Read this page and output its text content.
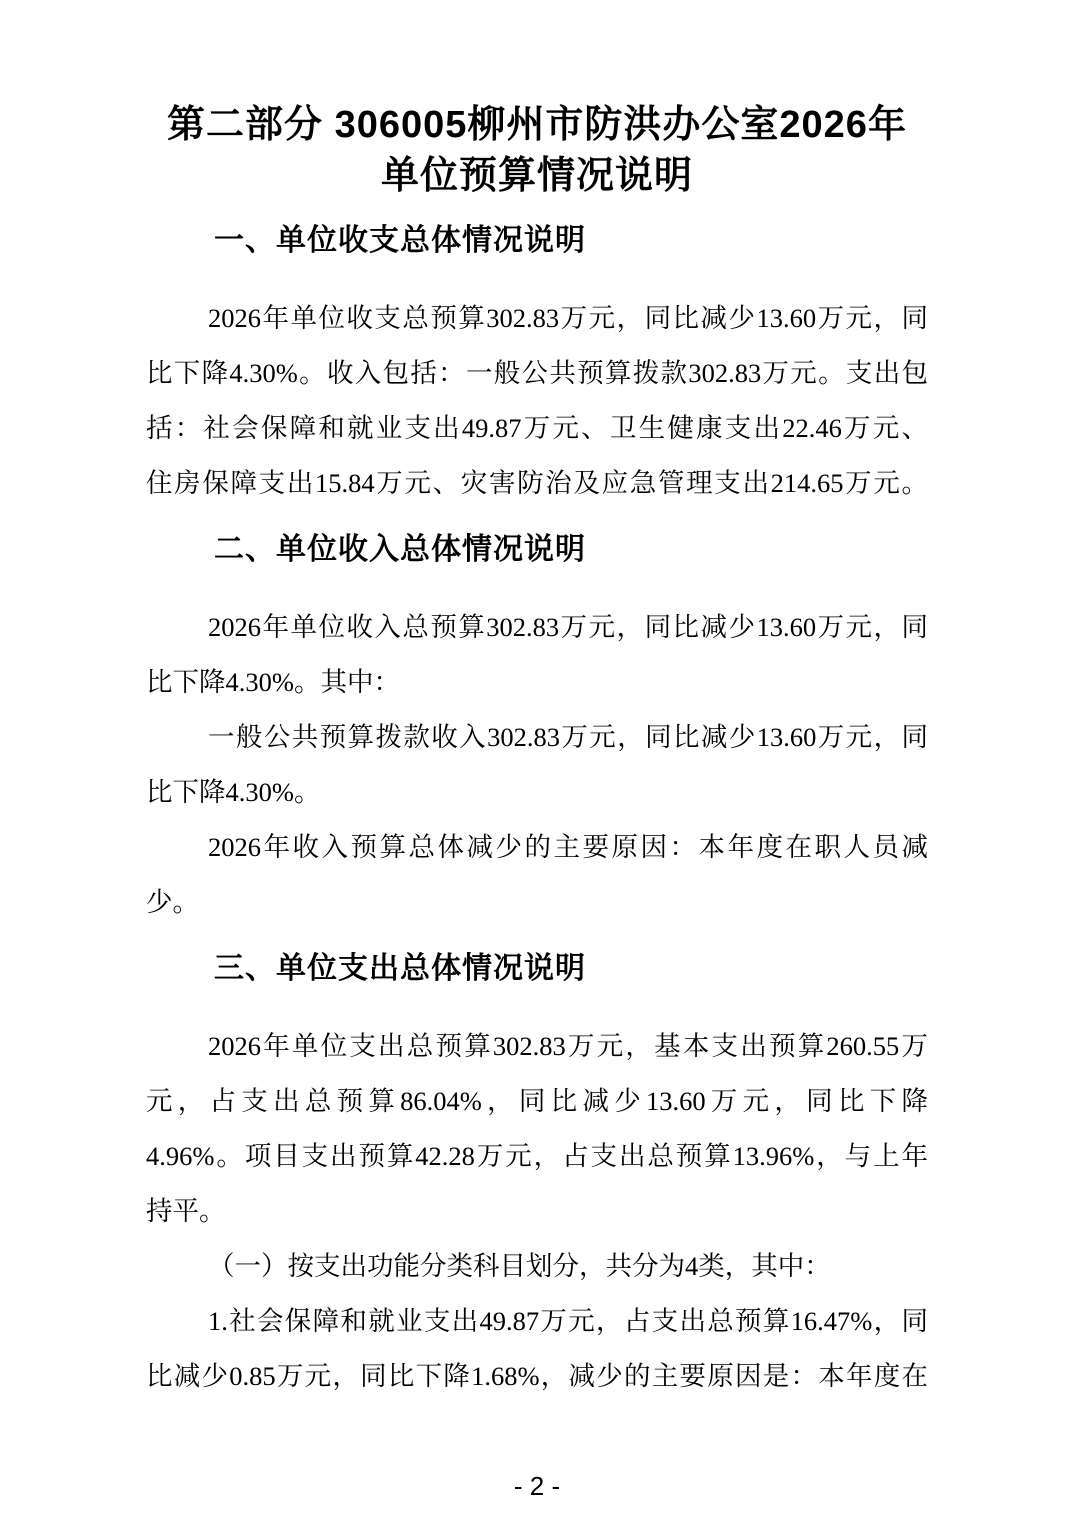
第二部分 306005柳州市防洪办公室2026年
单位预算情况说明
一、单位收支总体情况说明
2026年单位收支总预算302.83万元，同比减少13.60万元，同
比下降4.30%。收入包括：一般公共预算拨款302.83万元。支出包
括：社会保障和就业支出49.87万元、卫生健康支出22.46万元、
住房保障支出15.84万元、灾害防治及应急管理支出214.65万元。
二、单位收入总体情况说明
2026年单位收入总预算302.83万元，同比减少13.60万元，同
比下降4.30%。其中：
一般公共预算拨款收入302.83万元，同比减少13.60万元，同
比下降4.30%。
2026年收入预算总体减少的主要原因：本年度在职人员减
少。
三、单位支出总体情况说明
2026年单位支出总预算302.83万元，基本支出预算260.55万
元，占支出总预算86.04%，同比减少13.60万元，同比下降
4.96%。项目支出预算42.28万元，占支出总预算13.96%，与上年
持平。
（一）按支出功能分类科目划分，共分为4类，其中：
1.社会保障和就业支出49.87万元，占支出总预算16.47%，同
比减少0.85万元，同比下降1.68%，减少的主要原因是：本年度在
- 2 -
